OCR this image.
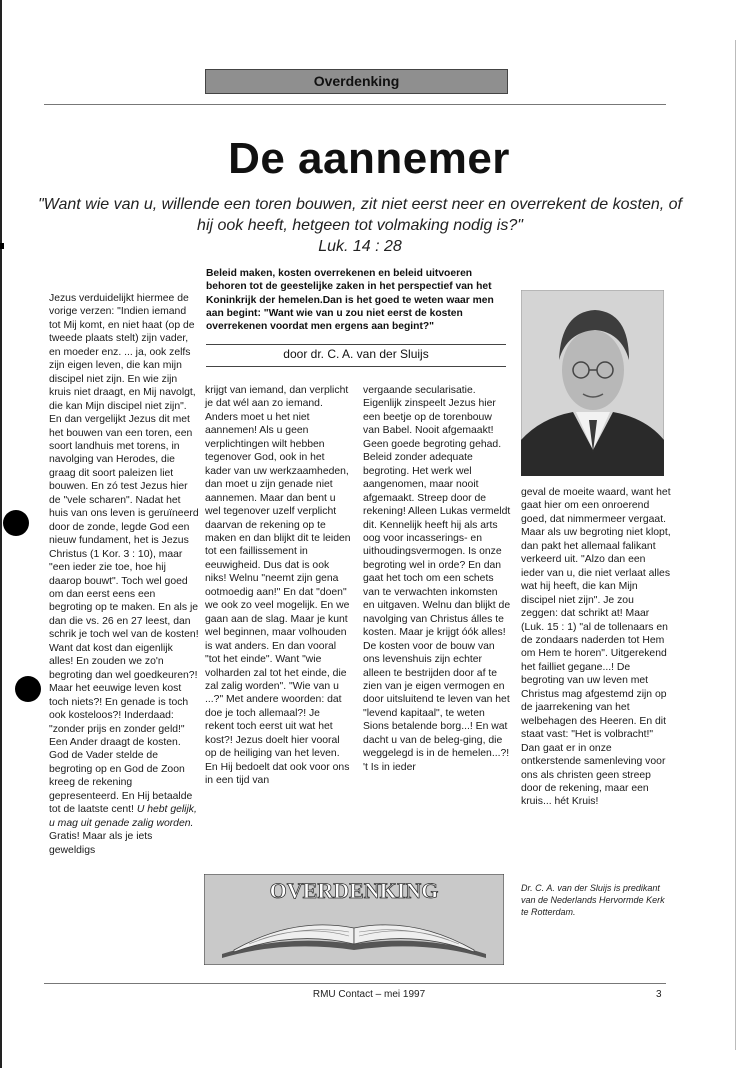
Overdenking
De aannemer
"Want wie van u, willende een toren bouwen, zit niet eerst neer en overrekent de kosten, of hij ook heeft, hetgeen tot volmaking nodig is?"
Luk. 14 : 28
Beleid maken, kosten overrekenen en beleid uitvoeren behoren tot de geestelijke zaken in het perspectief van het Koninkrijk der hemelen.Dan is het goed te weten waar men aan begint: "Want wie van u zou niet eerst de kosten overrekenen voordat men ergens aan begint?"
door dr. C. A. van der Sluijs
Jezus verduidelijkt hiermee de vorige verzen: "Indien iemand tot Mij komt, en niet haat (op de tweede plaats stelt) zijn vader, en moeder enz. ... ja, ook zelfs zijn eigen leven, die kan mijn discipel niet zijn. En wie zijn kruis niet draagt, en Mij navolgt, die kan Mijn discipel niet zijn". En dan vergelijkt Jezus dit met het bouwen van een toren, een soort landhuis met torens, in navolging van Herodes, die graag dit soort paleizen liet bouwen. En zó test Jezus hier de "vele scharen". Nadat het huis van ons leven is geruïneerd door de zonde, legde God een nieuw fundament, het is Jezus Christus (1 Kor. 3 : 10), maar "een ieder zie toe, hoe hij daarop bouwt". Toch wel goed om dan eerst eens een begroting op te maken. En als je dan die vs. 26 en 27 leest, dan schrik je toch wel van de kosten! Want dat kost dan eigenlijk alles! En zouden we zo'n begroting dan wel goedkeuren?! Maar het eeuwige leven kost toch niets?! En genade is toch ook kosteloos?! Inderdaad: "zonder prijs en zonder geld!" Een Ander draagt de kosten. God de Vader stelde de begroting op en God de Zoon kreeg de rekening gepresenteerd. En Hij betaalde tot de laatste cent! U hebt gelijk, u mag uit genade zalig worden. Gratis! Maar als je iets geweldigs
krijgt van iemand, dan verplicht je dat wél aan zo iemand. Anders moet u het niet aannemen! Als u geen verplichtingen wilt hebben tegenover God, ook in het kader van uw werkzaamheden, dan moet u zijn genade niet aannemen. Maar dan bent u wel tegenover uzelf verplicht daarvan de rekening op te maken en dan blijkt dit te leiden tot een faillissement in eeuwigheid. Dus dat is ook niks! Welnu "neemt zijn gena ootmoedig aan!" En dat "doen" we ook zo veel mogelijk. En we gaan aan de slag. Maar je kunt wel beginnen, maar volhouden is wat anders. En dan vooral "tot het einde". Want "wie volharden zal tot het einde, die zal zalig worden". "Wie van u ...?" Met andere woorden: dat doe je toch allemaal?! Je rekent toch eerst uit wat het kost?! Jezus doelt hier vooral op de heiliging van het leven. En Hij bedoelt dat ook voor ons in een tijd van
vergaande secularisatie. Eigenlijk zinspeelt Jezus hier een beetje op de torenbouw van Babel. Nooit afgemaakt! Geen goede begroting gehad. Beleid zonder adequate begroting. Het werk wel aangenomen, maar nooit afgemaakt. Streep door de rekening! Alleen Lukas vermeldt dit. Kennelijk heeft hij als arts oog voor incasserings- en uithoudingsvermogen. Is onze begroting wel in orde? En dan gaat het toch om een schets van te verwachten inkomsten en uitgaven. Welnu dan blijkt de navolging van Christus álles te kosten. Maar je krijgt óók alles! De kosten voor de bouw van ons levenshuis zijn echter alleen te bestrijden door af te zien van je eigen vermogen en door uitsluitend te leven van het "levend kapitaal", te weten Sions betalende borg...! En wat dacht u van de beleg-ging, die weggelegd is in de hemelen...?! 't Is in ieder
geval de moeite waard, want het gaat hier om een onroerend goed, dat nimmermeer vergaat. Maar als uw begroting niet klopt, dan pakt het allemaal falikant verkeerd uit. "Alzo dan een ieder van u, die niet verlaat alles wat hij heeft, die kan Mijn discipel niet zijn". Je zou zeggen: dat schrikt at! Maar (Luk. 15 : 1) "al de tollenaars en de zondaars naderden tot Hem om Hem te horen". Uitgerekend het failliet gegane...! De begroting van uw leven met Christus mag afgestemd zijn op de jaarrekening van het welbehagen des Heeren. En dit staat vast: "Het is volbracht!" Dan gaat er in onze ontkerstende samenleving voor ons als christen geen streep door de rekening, maar een kruis... hét Kruis!
Dr. C. A. van der Sluijs is predikant van de Nederlands Hervormde Kerk te Rotterdam.
OVERDENKING
RMU Contact – mei 1997	3
